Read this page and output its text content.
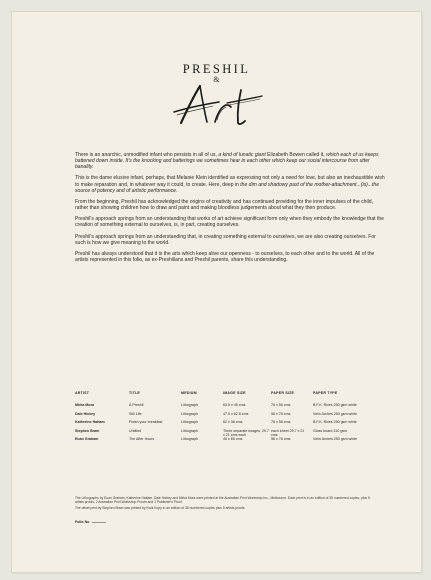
PRESHIL
&

There is an anarchic, unmodified infant who persists in all of us, a kind of lunatic giant Elizabeth Bowen called it, which each of us keeps battened down inside. It's the knocking and batterings we sometimes hear in each other which keep our social intercourse from utter banality.

This is the dame elusive infant, perhaps, that Melanie Klein identified as expressing not only a need for love, but also an inexhaustible wish to make reparation and, in whatever way it could, to create. Here, deep in the dim and shadowy past of the mother-attachment...(is)...the source of potency and of artistic performance.

From the beginning, Preshil has acknowledged the origins of creativity and has continued providing for the inner impulses of the child, rather than showing children how to draw and paint and making bloodless judgements about what they then produce.

Preshil's approach springs from an understanding that works of art achieve significant form only when they embody the knowledge that the creation of something external to ourselves, is, in part, creating ourselves.

Preshil's approach springs from an understanding that, in creating something external to ourselves, we are also creating ourselves. For such is how we give meaning to the world.

Preshil has always understood that it is the arts which keep alive our openness - to ourselves, to each other and to the world. All of the artists represented in this folio, as ex-Preshilians and Preshil parents, share this understanding.

ARTIST	TITLE	MEDIUM	IMAGE SIZE	PAPER SIZE	PAPER TYPE
Mirka Mora	À Preshil	Lithograph	63.5 x 45 cms	76 x 56 cms	B.F.K. Rives 250 gsm white
Dale Hickey	Still Life	Lithograph	47.5 x 62.5 cms	56 x 76 cms	Velin Arches 250 gsm white
Katherine Hattam	Finish your breakfast	Lithograph	62 x 36 cms	76 x 56 cms	B.F.K. Rives 250 gsm white
Stephen Bram	Untitled	Lithograph	Three separate images, 29.7 x 21 cms each	each sheet 29.7 x 21 cms	Gloss board 310 gsm
Euan Graham	The After Hours	Lithograph	45 x 65 cms	56 x 76 cms	Velin Arches 250 gsm white

The Lithographs by Euan Graham, Katherine Hattam, Dale Hickey and Mirka Mora were printed at the Australian Print Workshop Inc., Melbourne. Each print is in an edition of 35 numbered copies, plus 5 artists proofs, 2 Australian Print Workshop Proofs and 1 Publisher's Proof.

The offset print by Stephen Bram was printed by Kwik Kopy in an edition of 35 numbered copies plus 5 artists proofs.

Folio No
